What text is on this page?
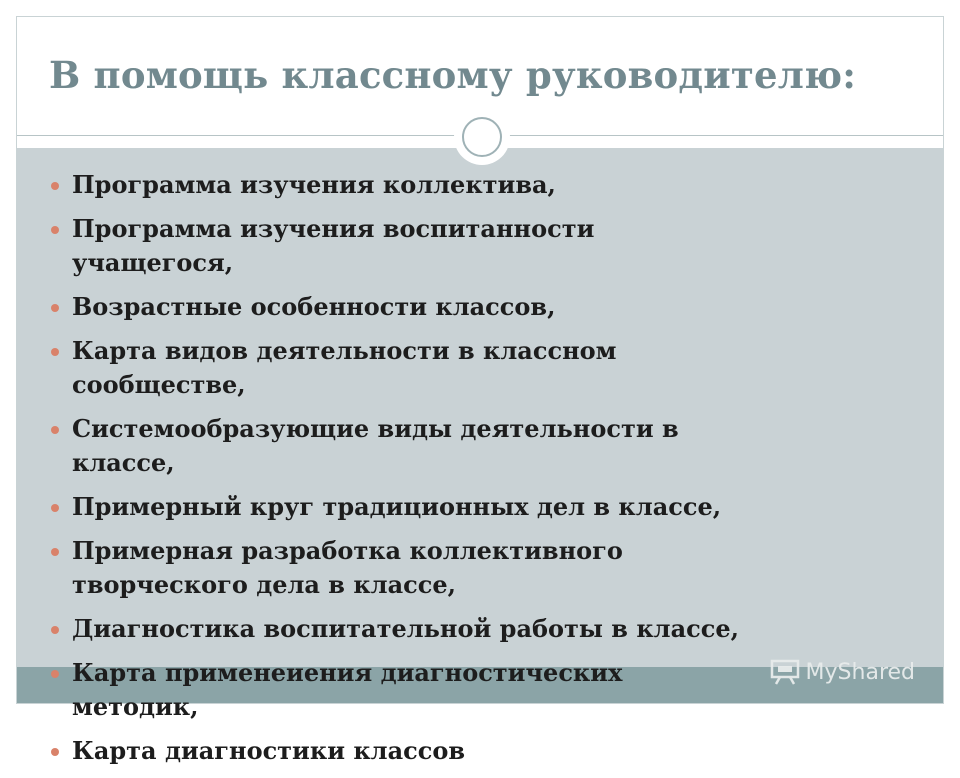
В помощь классному руководителю:
Программа изучения коллектива,
Программа изучения воспитанности учащегося,
Возрастные особенности классов,
Карта видов деятельности в классном сообществе,
Системообразующие виды деятельности в классе,
Примерный круг традиционных дел в классе,
Примерная разработка коллективного творческого дела в классе,
Диагностика воспитательной работы в классе,
Карта применеиения диагностических методик,
Карта диагностики классов
MyShared
